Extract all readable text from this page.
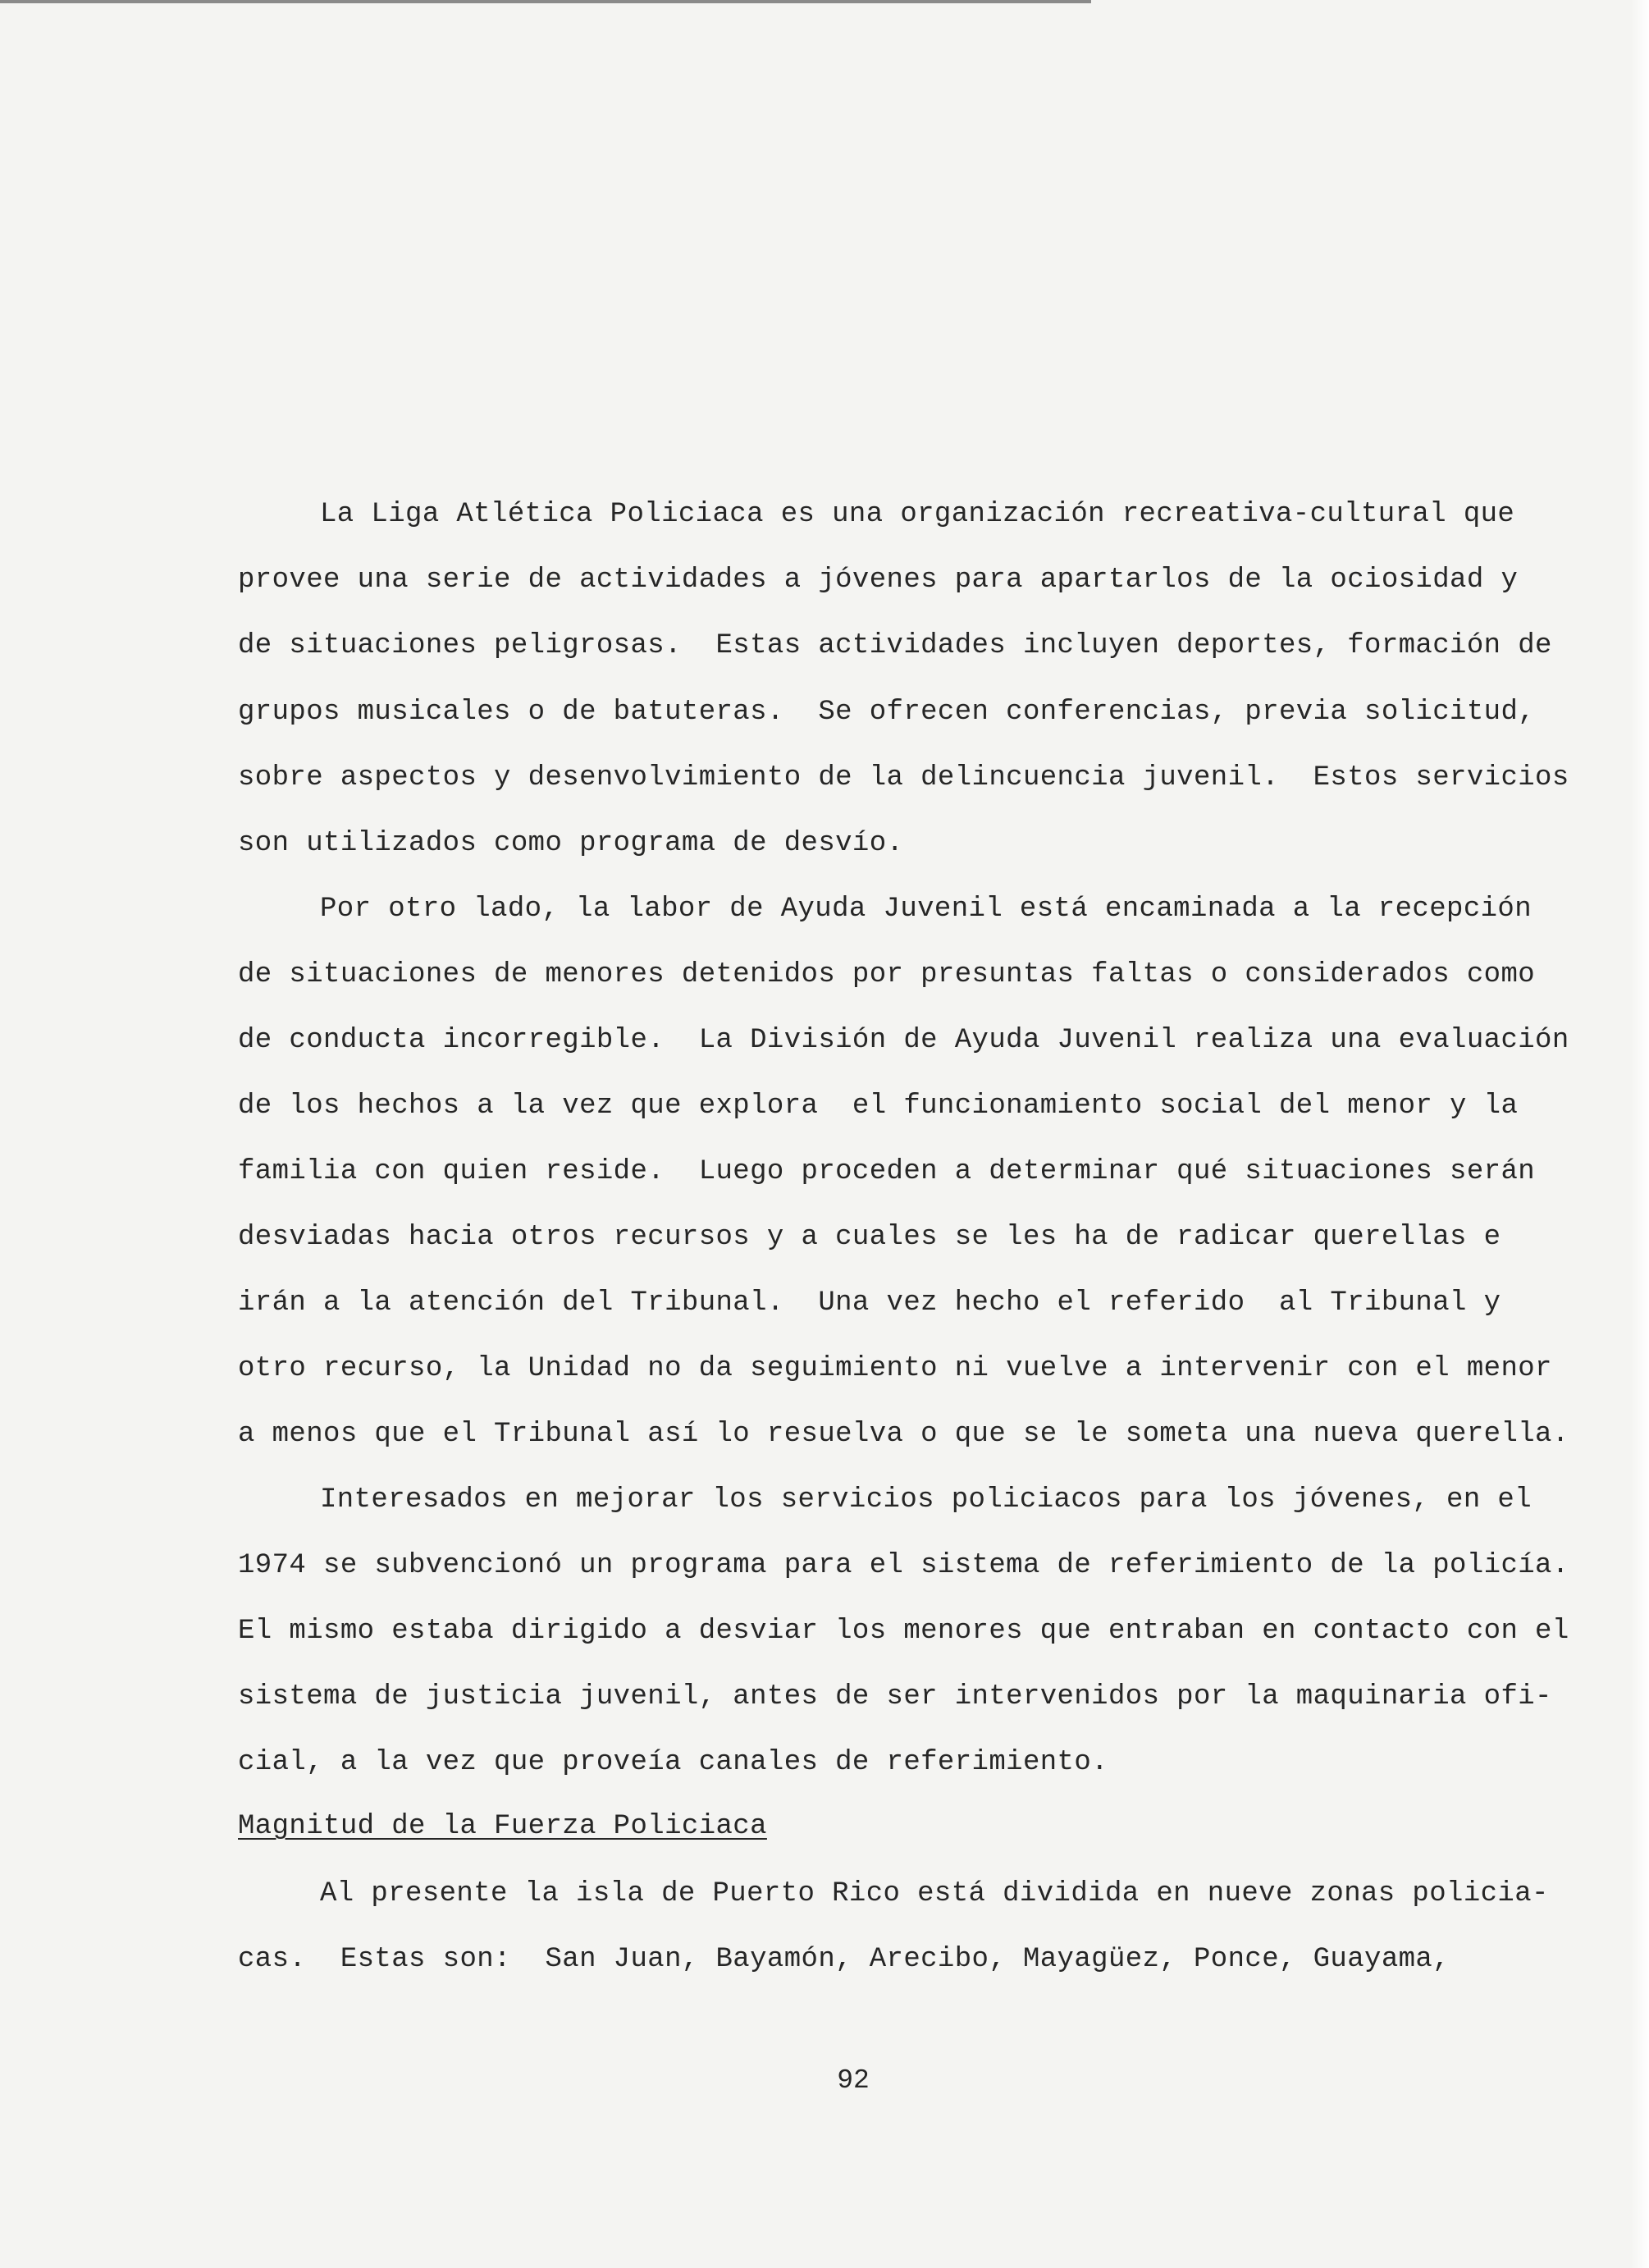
La Liga Atlética Policiaca es una organización recreativa-cultural que

provee una serie de actividades a jóvenes para apartarlos de la ociosidad y

de situaciones peligrosas.  Estas actividades incluyen deportes, formación de

grupos musicales o de batuteras.  Se ofrecen conferencias, previa solicitud,

sobre aspectos y desenvolvimiento de la delincuencia juvenil.  Estos servicios

son utilizados como programa de desvío.

Por otro lado, la labor de Ayuda Juvenil está encaminada a la recepción

de situaciones de menores detenidos por presuntas faltas o considerados como

de conducta incorregible.  La División de Ayuda Juvenil realiza una evaluación

de los hechos a la vez que explora  el funcionamiento social del menor y la

familia con quien reside.  Luego proceden a determinar qué situaciones serán

desviadas hacia otros recursos y a cuales se les ha de radicar querellas e

irán a la atención del Tribunal.  Una vez hecho el referido  al Tribunal y

otro recurso, la Unidad no da seguimiento ni vuelve a intervenir con el menor

a menos que el Tribunal así lo resuelva o que se le someta una nueva querella.

Interesados en mejorar los servicios policiacos para los jóvenes, en el

1974 se subvencionó un programa para el sistema de referimiento de la policía.

El mismo estaba dirigido a desviar los menores que entraban en contacto con el

sistema de justicia juvenil, antes de ser intervenidos por la maquinaria ofi-

cial, a la vez que proveía canales de referimiento.

Magnitud de la Fuerza Policiaca

Al presente la isla de Puerto Rico está dividida en nueve zonas policia-

cas.  Estas son:  San Juan, Bayamón, Arecibo, Mayagüez, Ponce, Guayama,

92
